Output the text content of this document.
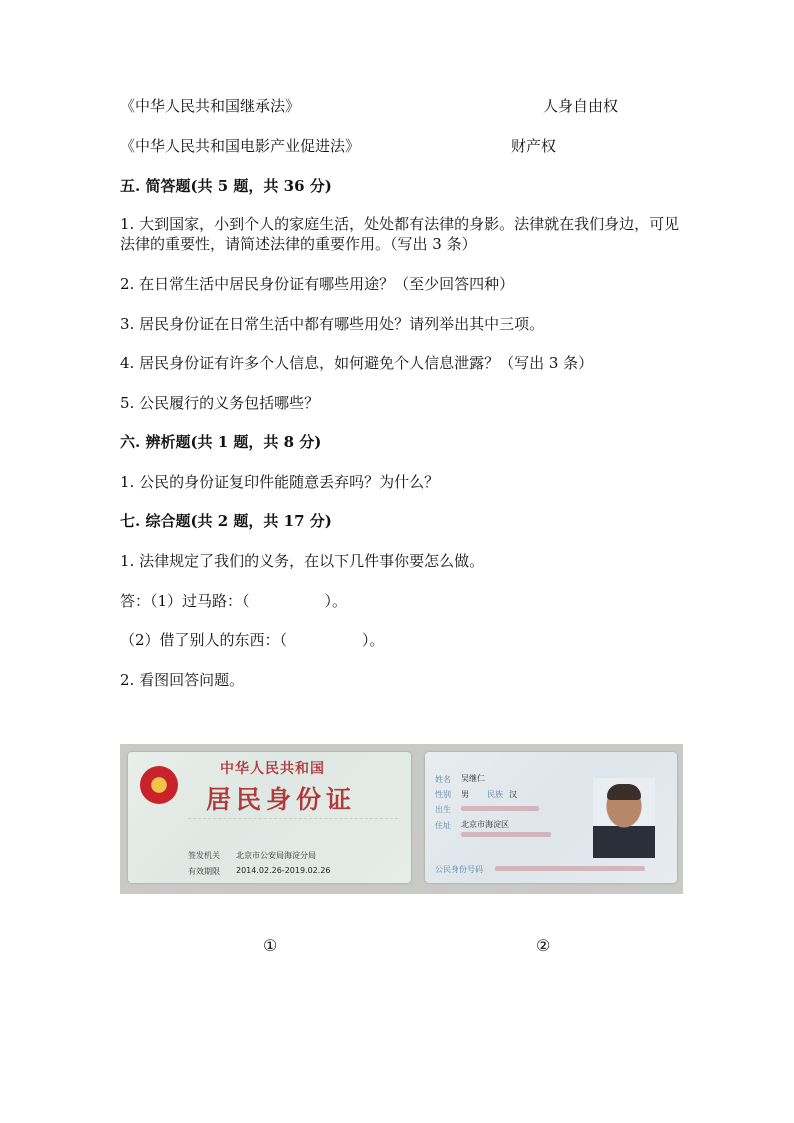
《中华人民共和国继承法》	人身自由权
《中华人民共和国电影产业促进法》	财产权
五. 简答题(共 5 题，共 36 分)
1. 大到国家，小到个人的家庭生活，处处都有法律的身影。法律就在我们身边，可见法律的重要性，请简述法律的重要作用。（写出 3 条）
2. 在日常生活中居民身份证有哪些用途？（至少回答四种）
3. 居民身份证在日常生活中都有哪些用处？请列举出其中三项。
4. 居民身份证有许多个人信息，如何避免个人信息泄露？（写出 3 条）
5. 公民履行的义务包括哪些？
六. 辨析题(共 1 题，共 8 分)
1. 公民的身份证复印件能随意丢弃吗？为什么？
七. 综合题(共 2 题，共 17 分)
1. 法律规定了我们的义务，在以下几件事你要怎么做。
答：（1）过马路：（　　　　　）。
（2）借了别人的东西：（　　　　　）。
2. 看图回答问题。
中华人民共和国
居民身份证
签发机关 北京市公安局海淀分局
有效期限 2014.02.26-2019.02.26
姓名 吴继仁
性别 男 民族 汉
出生
住址 北京市海淀区
公民身份号码
①	②
